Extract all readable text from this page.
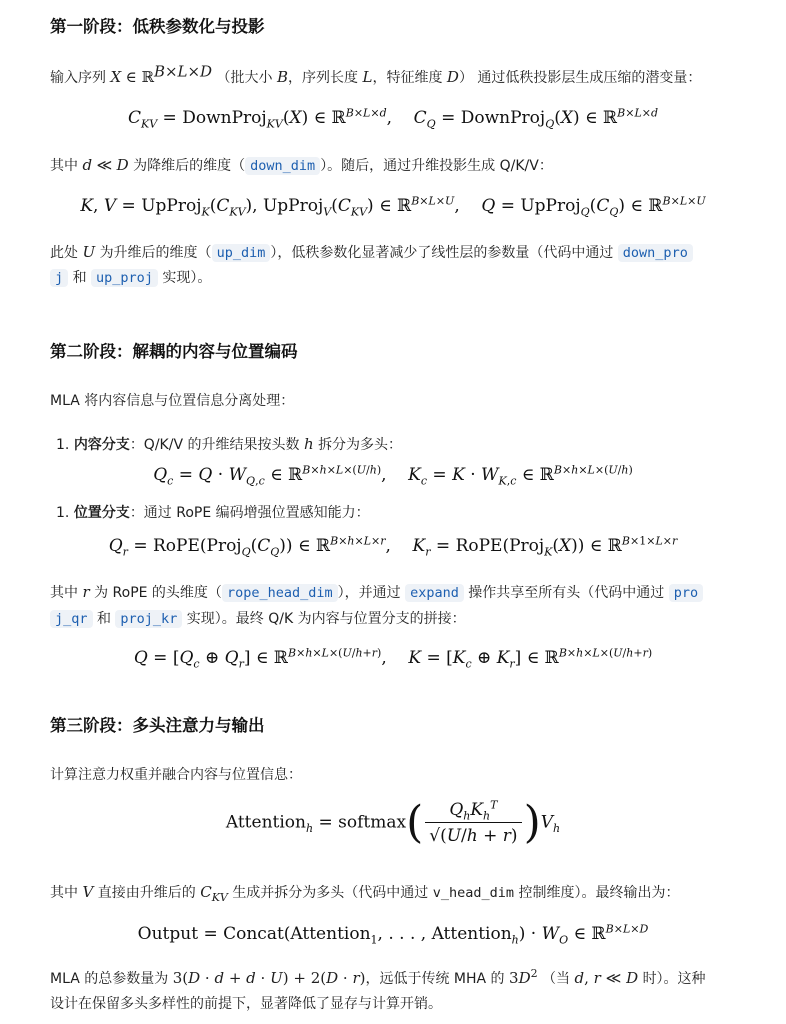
第一阶段：低秩参数化与投影

输入序列 X ∈ ℝ$^{B\times L\times D}$ （批大小 B，序列长度 L，特征维度 D） 通过低秩投影层生成压缩的潜变量：

$C_{KV}$ = DownProj$_{KV}$(X) ∈ ℝ$^{B\times L\times d}$,    $C_Q$ = DownProj$_Q$(X) ∈ ℝ$^{B\times L\times d}$

其中 d ≪ D 为降维后的维度（ down_dim ）。随后，通过升维投影生成 Q/K/V：

K, $V = UpProj_K(C_{KV})$, $UpProj_V(C_{KV})$ ∈ ℝ$^{B\times L\times U}$,    $Q = UpProj_Q(C_Q)$ ∈ ℝ$^{B\times L\times U}$

此处 U 为升维后的维度（ up_dim ），低秩参数化显著减少了线性层的参数量（代码中通过 down_pro

j 和 up_proj 实现）。

第二阶段：解耦的内容与位置编码

MLA 将内容信息与位置信息分离处理：

1. 内容分支：Q/K/V 的升维结果按头数 h 拆分为多头：

$Q_c = Q \cdot W_{Q,c}$ ∈ ℝ$^{B\times h\times L\times(U/h)}$,    $K_c = K \cdot W_{K,c}$ ∈ ℝ$^{B\times h\times L\times(U/h)}$

1. 位置分支：通过 RoPE 编码增强位置感知能力：

$Q_r$ = $RoPE(Proj_Q(C_Q))$ ∈ ℝ$^{B\times h\times L\times r}$,    $K_r$ = RoPE(Proj$_K$(X)) ∈ ℝ$^{B\times 1\times L\times r}$

其中 r 为 RoPE 的头维度（ rope_head_dim ），并通过 expand 操作共享至所有头（代码中通过 pro

j_qr 和 proj_kr 实现）。最终 Q/K 为内容与位置分支的拼接：

$Q = [Q_c$ ⊕ $Q_r$] ∈ ℝ$^{B\times h\times L\times(U/h+r)}$,    $K = [K_c$ ⊕ $K_r$] ∈ ℝ$^{B\times h\times L\times(U/h+r)}$
第三阶段：多头注意力与输出

计算注意力权重并融合内容与位置信息：

Attention$_h$ = softmax( $\frac{Q_hK_h^T}{√(U/h + r)} )V_h$

其中 V 直接由升维后的 $C_{KV}$ 生成并拆分为多头（代码中通过 v_head_dim 控制维度）。最终输出为：

Output = Concat(Attention$_1$, . . . , Attention$_h$) · $W_O$ ∈ ℝ$^{B\times L\times D}$

MLA 的总参数量为 3(D · d + d · U) + 2(D · r)，远低于传统 MHA 的 $3D^2$ （当 d, r ≪ D 时）。这种

设计在保留多头多样性的前提下，显著降低了显存与计算开销。
